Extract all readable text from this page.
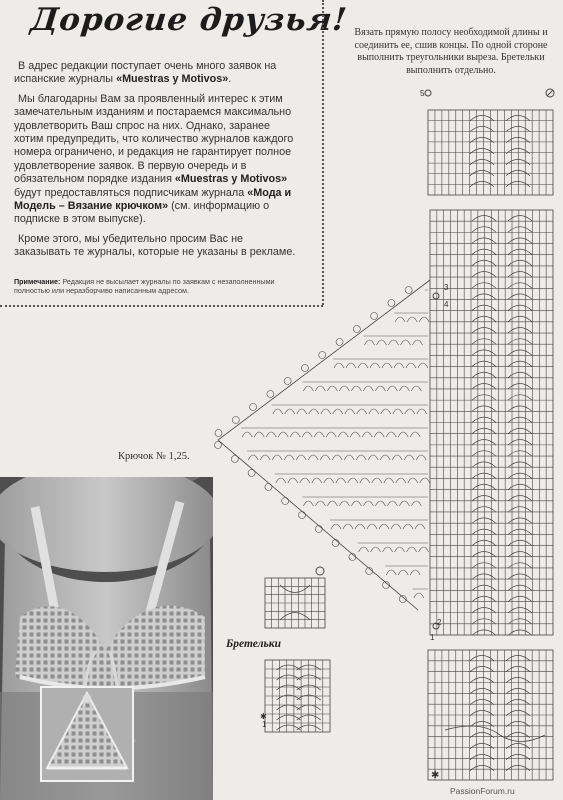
Дорогие друзья!

В адрес редакции поступает очень много заявок на испанские журналы «Muestras y Motivos».

Мы благодарны Вам за проявленный интерес к этим замечательным изданиям и постараемся максимально удовлетворить Ваш спрос на них. Однако, заранее хотим предупредить, что количество журналов каждого номера ограничено, и редакция не гарантирует полное удовлетворение заявок. В первую очередь и в обязательном порядке издания «Muestras y Motivos» будут предоставляться подписчикам журнала «Мода и Модель – Вязание крючком» (см. информацию о подписке в этом выпуске).

Кроме этого, мы убедительно просим Вас не заказывать те журналы, которые не указаны в рекламе.

Примечание: Редакция не высылает журналы по заявкам с незаполненными полностью или неразборчиво написанным адресом.
Вязать прямую полосу необходимой длины и соединить ее, сшив концы. По одной стороне выполнить треугольники выреза. Бретельки выполнить отдельно.
Крючок № 1,25.
Бретельки
5
3
4
2
1
1
✱
✱
PassionForum.ru
